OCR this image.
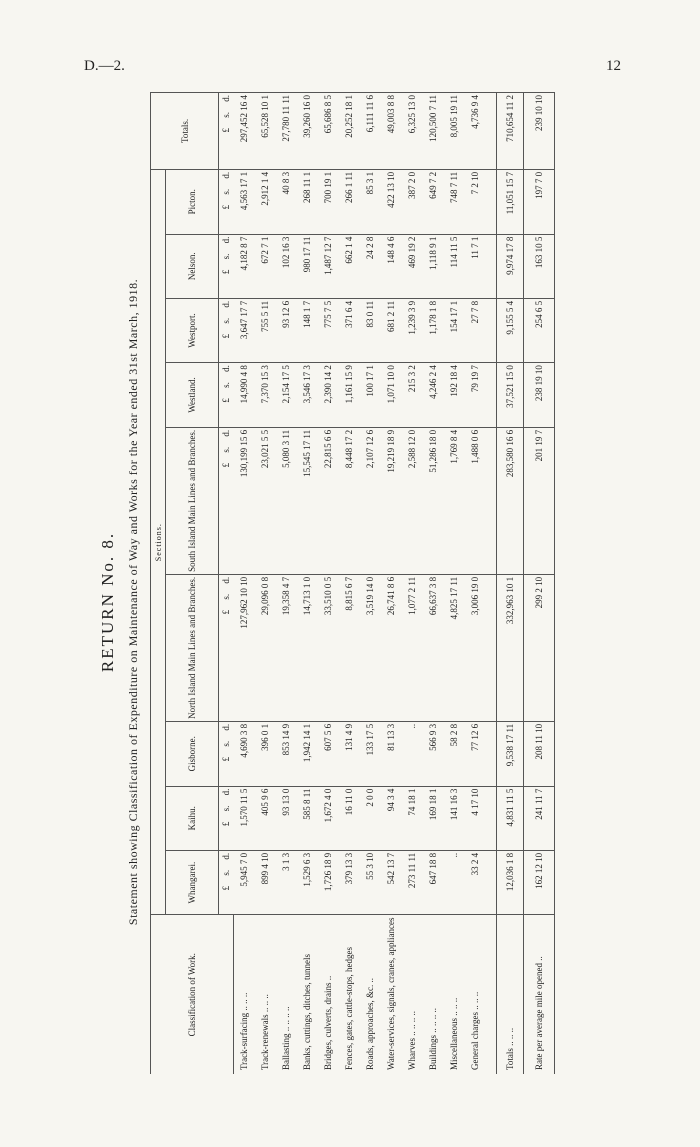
D.—2.	12
RETURN No. 8. Statement showing Classification of Expenditure on Maintenance of Way and Works for the Year ended 31st March, 1918.
Classification of Work.	Sections.									Totals.
	Whangarei.	Kaihu.	Gisborne.	North Island Main Lines and Branches.	South Island Main Lines and Branches.	Westland.	Westport.	Nelson.	Picton.	
	£ s. d.	£ s. d.	£ s. d.	£ s. d.	£ s. d.	£ s. d.	£ s. d.	£ s. d.	£ s. d.	£ s. d.
Track-surfacing .. .. ..	5,945 7 0	1,570 11 5	4,690 3 8	127,962 10 10	130,199 15 6	14,990 4 8	3,647 17 7	4,182 8 7	4,563 17 1	297,452 16 4
Track-renewals .. .. ..	899 4 10	405 9 6	396 0 1	29,096 0 8	23,021 5 5	7,370 15 3	755 5 11	672 7 1	2,912 1 4	65,528 10 1
Ballasting .. .. .. ..	3 1 3	93 13 0	853 14 9	19,358 4 7	5,080 3 11	2,154 17 5	93 12 6	102 16 3	40 8 3	27,780 11 11
Banks, cuttings, ditches, tunnels	1,529 6 3	585 8 11	1,942 14 1	14,713 1 0	15,545 17 11	3,546 17 3	148 1 7	980 17 11	268 11 1	39,260 16 0
Bridges, culverts, drains ..	1,726 18 9	1,672 4 0	607 5 6	33,510 0 5	22,815 6 6	2,390 14 2	775 7 5	1,487 12 7	700 19 1	65,686 8 5
Fences, gates, cattle-stops, hedges	379 13 3	16 11 0	131 4 9	8,815 6 7	8,448 17 2	1,161 15 9	371 6 4	662 1 4	266 1 11	20,252 18 1
Roads, approaches, &c. ..	55 3 10	2 0 0	133 17 5	3,519 14 0	2,107 12 6	100 17 1	83 0 11	24 2 8	85 3 1	6,111 11 6
Water-services, signals, cranes, appliances	542 13 7	94 3 4	81 13 3	26,741 8 6	19,219 18 9	1,071 10 0	681 2 11	148 4 6	422 13 10	49,003 8 8
Wharves .. .. .. ..	273 11 11	74 18 1	..	1,077 2 11	2,588 12 0	215 3 2	1,239 3 9	469 19 2	387 2 0	6,325 13 0
Buildings .. .. .. ..	647 18 8	169 18 1	566 9 3	66,637 3 8	51,286 18 0	4,246 2 4	1,178 1 8	1,118 9 1	649 7 2	120,500 7 11
Miscellaneous .. .. ..	..	141 16 3	58 2 8	4,825 17 11	1,769 8 4	192 18 4	154 17 1	114 11 5	748 7 11	8,005 19 11
General charges .. .. ..	33 2 4	4 17 10	77 12 6	3,006 19 0	1,488 0 6	79 19 7	27 7 8	11 7 1	7 2 10	4,736 9 4

Totals .. .. ..	12,036 1 8	4,831 11 5	9,538 17 11	332,963 10 1	283,580 16 6	37,521 15 0	9,155 5 4	9,974 17 8	11,051 15 7	710,654 11 2
Rate per average mile opened ..	162 12 10	241 11 7	208 11 10	299 2 10	201 19 7	238 19 10	254 6 5	163 10 5	197 7 0	239 10 10
